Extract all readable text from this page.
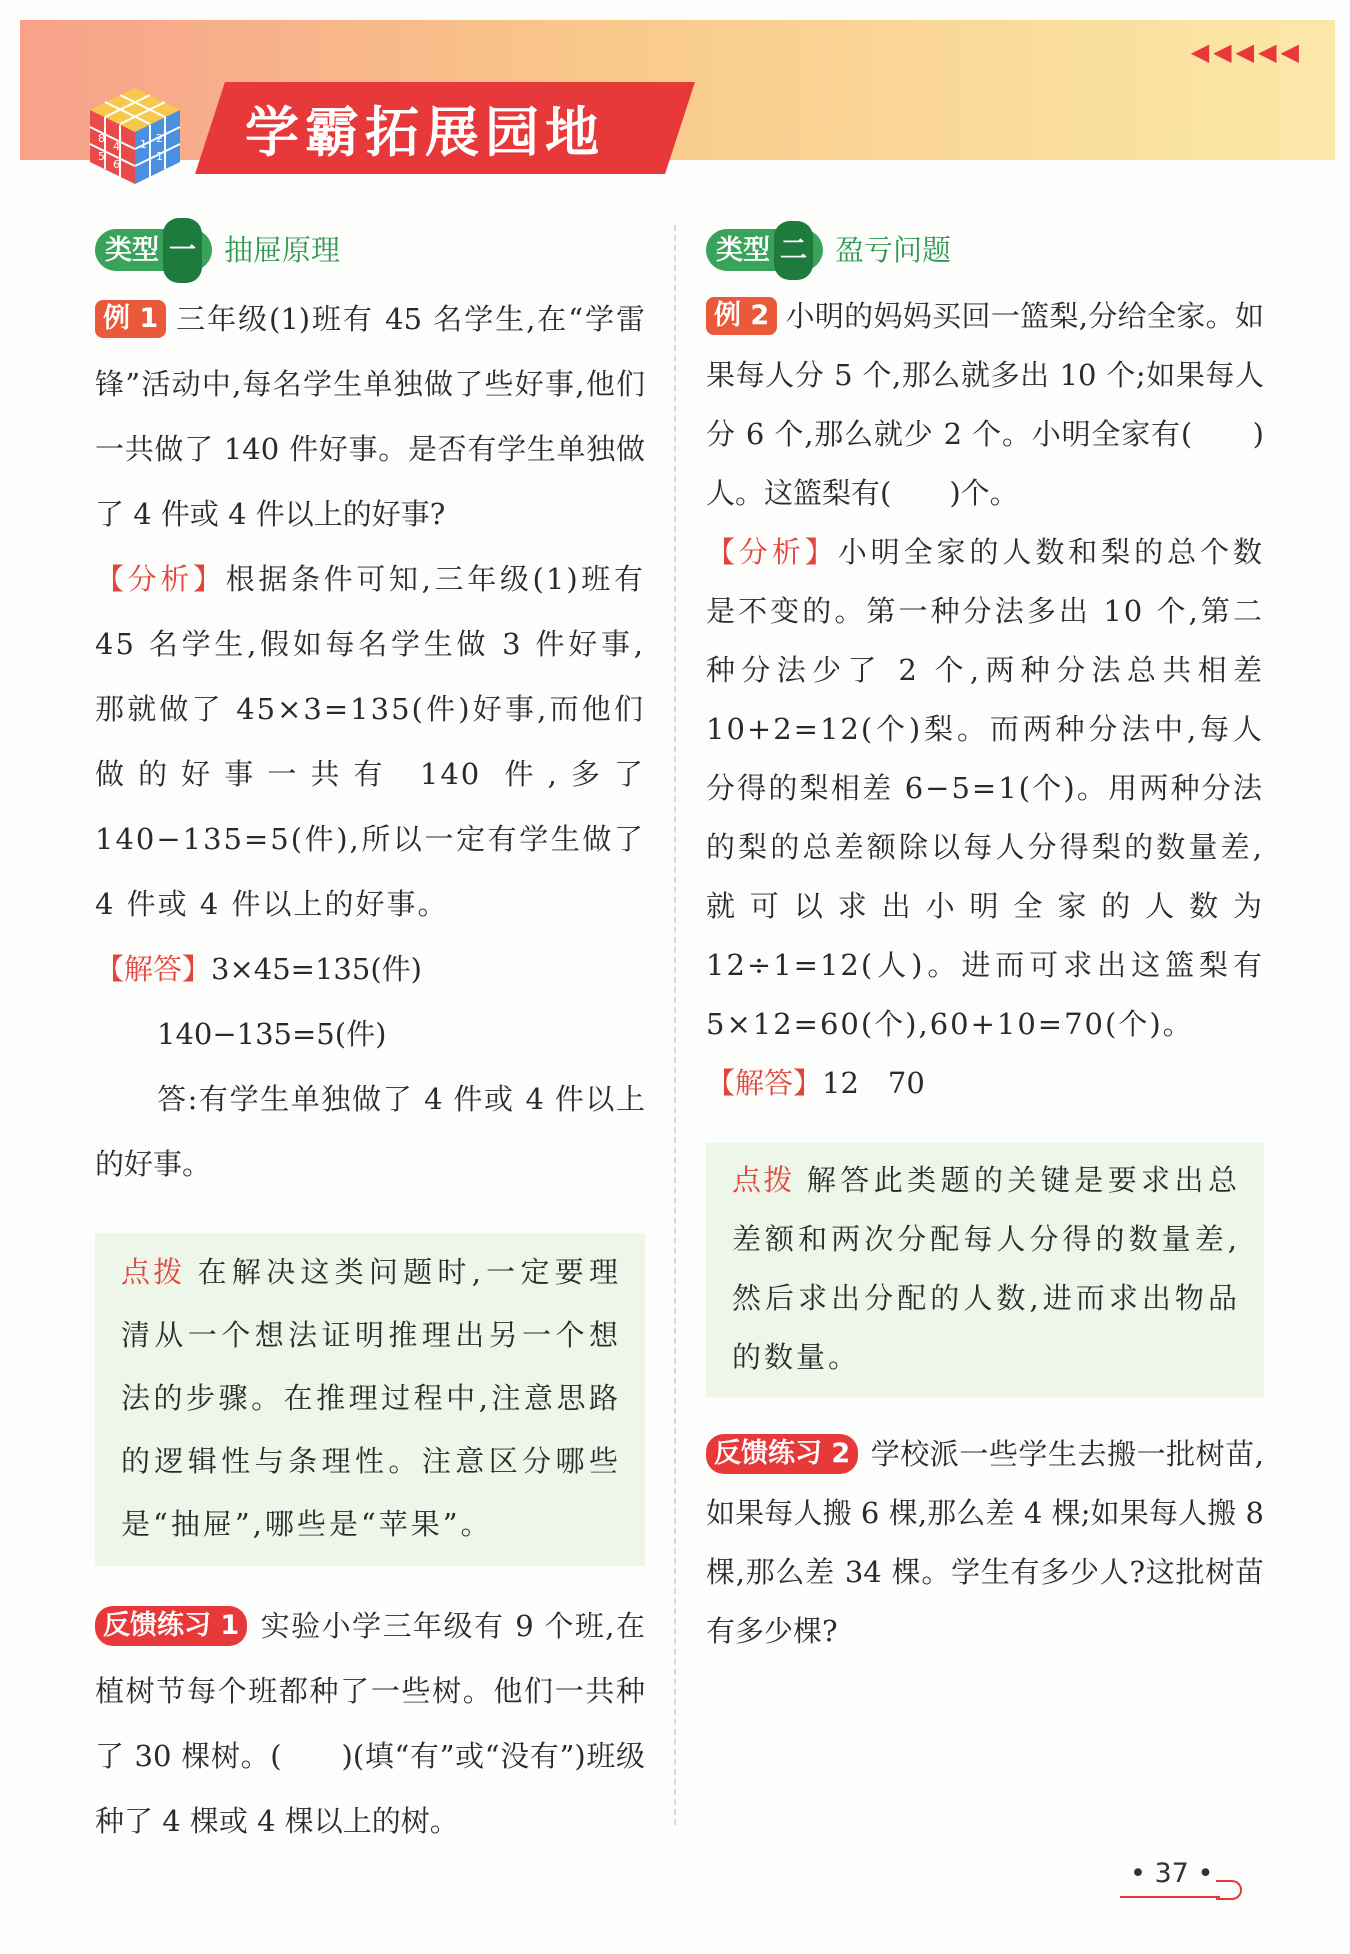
8
4 1
5
6
2
3 2
1 学霸拓展园地
◀◀◀◀◀
类型 一 抽屉原理

例 1 三年级(1)班有 45 名学生,在“学雷锋”活动中,每名学生单独做了些好事,他们一共做了 140 件好事。是否有学生单独做了 4 件或 4 件以上的好事?

【分析】根据条件可知,三年级(1)班有 45 名学生,假如每名学生做 3 件好事,那就做了 45×3=135(件)好事,而他们做的好事一共有 140 件,多了 140−135=5(件),所以一定有学生做了 4 件或 4 件以上的好事。

【解答】3×45=135(件)

140−135=5(件)

答:有学生单独做了 4 件或 4 件以上的好事。

点拨 在解决这类问题时,一定要理清从一个想法证明推理出另一个想法的步骤。在推理过程中,注意思路的逻辑性与条理性。注意区分哪些是“抽屉”,哪些是“苹果”。

反馈练习 1 实验小学三年级有 9 个班,在植树节每个班都种了一些树。他们一共种了 30 棵树。(　　)(填“有”或“没有”)班级种了 4 棵或 4 棵以上的树。

类型 二 盈亏问题

例 2 小明的妈妈买回一篮梨,分给全家。如果每人分 5 个,那么就多出 10 个;如果每人分 6 个,那么就少 2 个。小明全家有(　　)人。这篮梨有(　　)个。

【分析】小明全家的人数和梨的总个数是不变的。第一种分法多出 10 个,第二种分法少了 2 个,两种分法总共相差 10+2=12(个)梨。而两种分法中,每人分得的梨相差 6−5=1(个)。用两种分法的梨的总差额除以每人分得梨的数量差,就可以求出小明全家的人数为 12÷1=12(人)。进而可求出这篮梨有 5×12=60(个),60+10=70(个)。

【解答】12　70

点拨 解答此类题的关键是要求出总差额和两次分配每人分得的数量差,然后求出分配的人数,进而求出物品的数量。

反馈练习 2 学校派一些学生去搬一批树苗,如果每人搬 6 棵,那么差 4 棵;如果每人搬 8 棵,那么差 34 棵。学生有多少人?这批树苗有多少棵?

• 37 •
